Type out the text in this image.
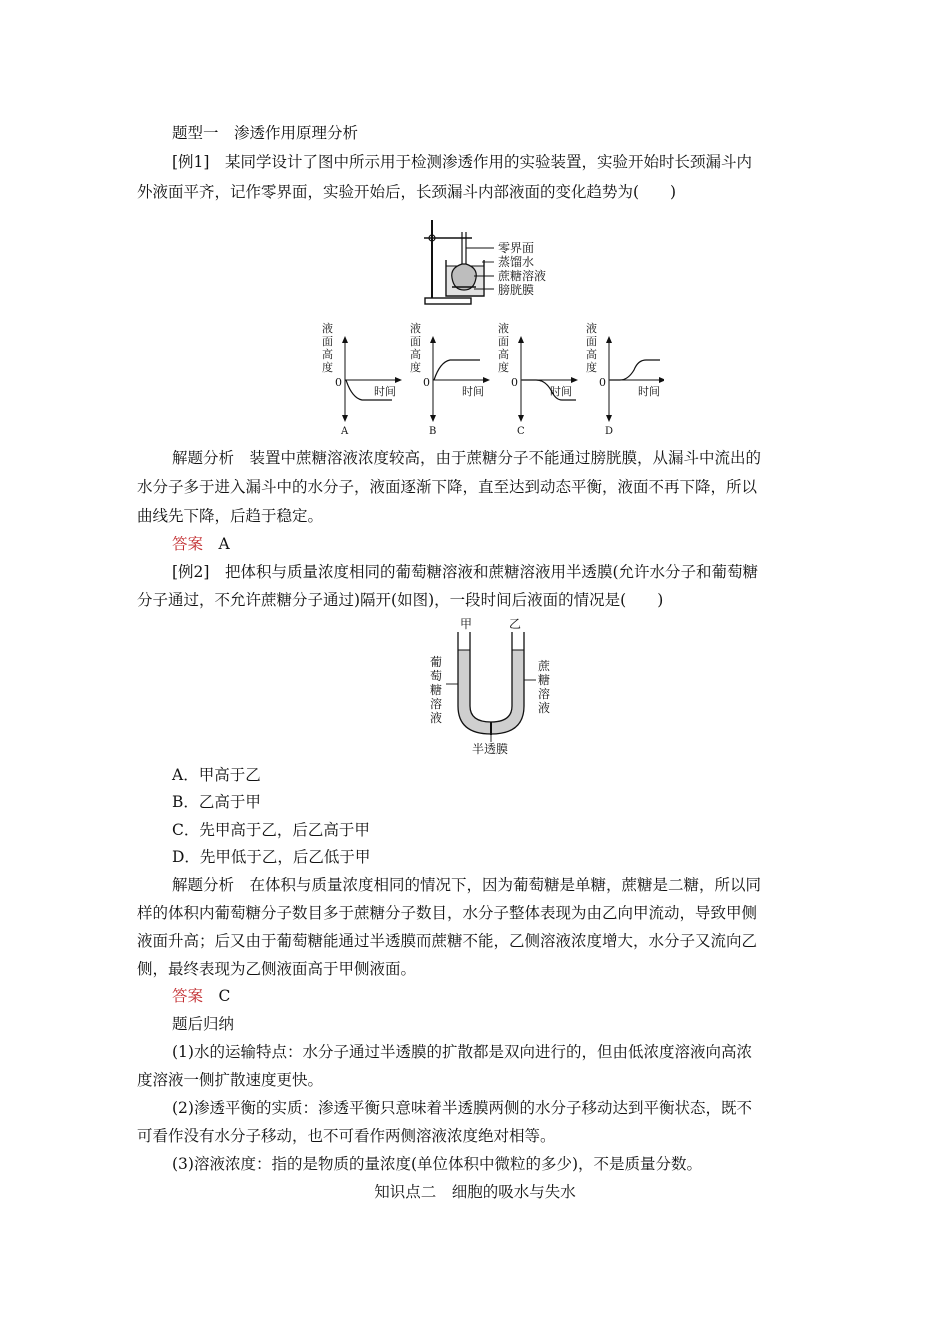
题型一　渗透作用原理分析
[例1]　 某同学设计了图中所示用于检测渗透作用的实验装置，实验开始时长颈漏斗内
外液面平齐，记作零界面，实验开始后，长颈漏斗内部液面的变化趋势为(　　)
零界面
蒸馏水
蔗糖溶液
膀胱膜
液
面
高
度
0
时间
A
液
面
高
度
0
时间
B
液
面
高
度
0
时间
C
液
面
高
度
0
时间
D
解题分析　 装置中蔗糖溶液浓度较高，由于蔗糖分子不能通过膀胱膜，从漏斗中流出的
水分子多于进入漏斗中的水分子，液面逐渐下降，直至达到动态平衡，液面不再下降，所以
曲线先下降，后趋于稳定。
答案　 A
[例2]　 把体积与质量浓度相同的葡萄糖溶液和蔗糖溶液用半透膜(允许水分子和葡萄糖
分子通过，不允许蔗糖分子通过)隔开(如图)，一段时间后液面的情况是(　　)
甲	乙
葡
萄
糖
溶
液
蔗
糖
溶
液
半透膜
A．甲高于乙
B．乙高于甲
C．先甲高于乙，后乙高于甲
D．先甲低于乙，后乙低于甲
解题分析　 在体积与质量浓度相同的情况下，因为葡萄糖是单糖，蔗糖是二糖，所以同
样的体积内葡萄糖分子数目多于蔗糖分子数目，水分子整体表现为由乙向甲流动，导致甲侧
液面升高；后又由于葡萄糖能通过半透膜而蔗糖不能，乙侧溶液浓度增大，水分子又流向乙
侧，最终表现为乙侧液面高于甲侧液面。
答案　 C
题后归纳
(1)水的运输特点：水分子通过半透膜的扩散都是双向进行的，但由低浓度溶液向高浓
度溶液一侧扩散速度更快。
(2)渗透平衡的实质：渗透平衡只意味着半透膜两侧的水分子移动达到平衡状态，既不
可看作没有水分子移动，也不可看作两侧溶液浓度绝对相等。
(3)溶液浓度：指的是物质的量浓度(单位体积中微粒的多少)，不是质量分数。
知识点二　细胞的吸水与失水
